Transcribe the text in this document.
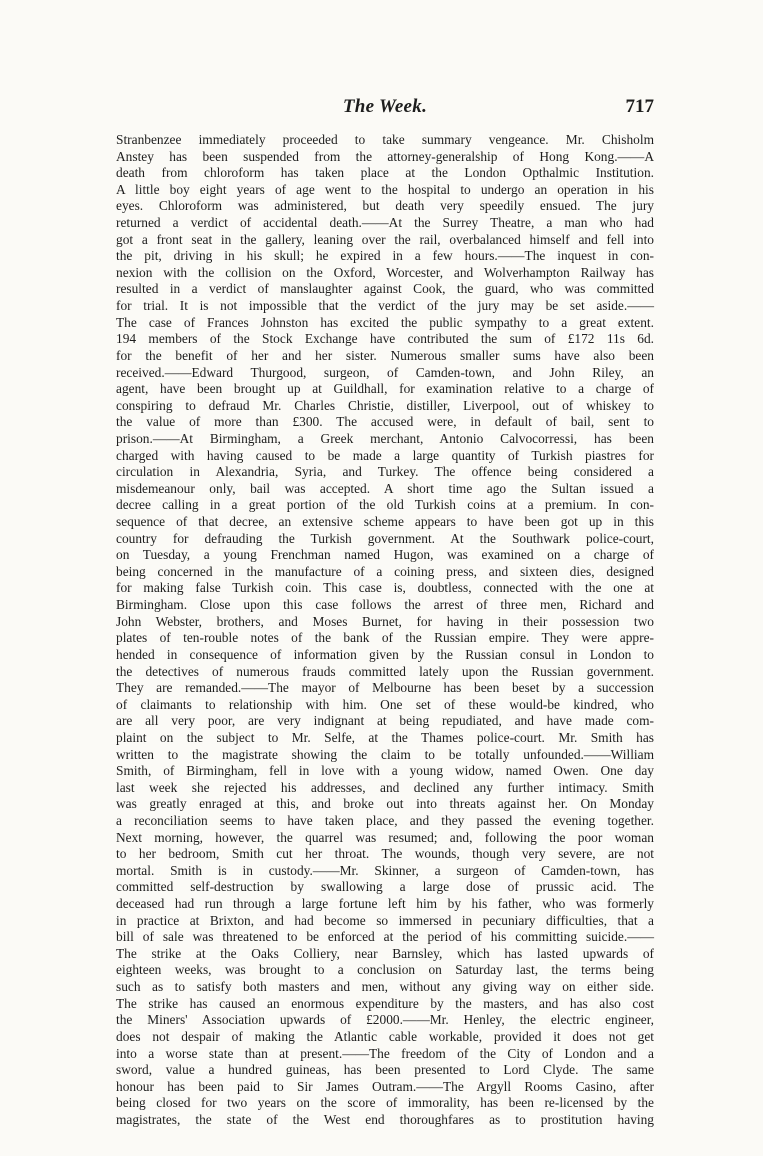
The Week.	717
Stranbenzee immediately proceeded to take summary vengeance. Mr. Chisholm
Anstey has been suspended from the attorney-generalship of Hong Kong.——A
death from chloroform has taken place at the London Opthalmic Institution.
A little boy eight years of age went to the hospital to undergo an operation in his
eyes. Chloroform was administered, but death very speedily ensued. The jury
returned a verdict of accidental death.——At the Surrey Theatre, a man who had
got a front seat in the gallery, leaning over the rail, overbalanced himself and fell into
the pit, driving in his skull; he expired in a few hours.——The inquest in con-
nexion with the collision on the Oxford, Worcester, and Wolverhampton Railway has
resulted in a verdict of manslaughter against Cook, the guard, who was committed
for trial. It is not impossible that the verdict of the jury may be set aside.——
The case of Frances Johnston has excited the public sympathy to a great extent.
194 members of the Stock Exchange have contributed the sum of £172 11s 6d.
for the benefit of her and her sister. Numerous smaller sums have also been
received.——Edward Thurgood, surgeon, of Camden-town, and John Riley, an
agent, have been brought up at Guildhall, for examination relative to a charge of
conspiring to defraud Mr. Charles Christie, distiller, Liverpool, out of whiskey to
the value of more than £300. The accused were, in default of bail, sent to
prison.——At Birmingham, a Greek merchant, Antonio Calvocorressi, has been
charged with having caused to be made a large quantity of Turkish piastres for
circulation in Alexandria, Syria, and Turkey. The offence being considered a
misdemeanour only, bail was accepted. A short time ago the Sultan issued a
decree calling in a great portion of the old Turkish coins at a premium. In con-
sequence of that decree, an extensive scheme appears to have been got up in this
country for defrauding the Turkish government. At the Southwark police-court,
on Tuesday, a young Frenchman named Hugon, was examined on a charge of
being concerned in the manufacture of a coining press, and sixteen dies, designed
for making false Turkish coin. This case is, doubtless, connected with the one at
Birmingham. Close upon this case follows the arrest of three men, Richard and
John Webster, brothers, and Moses Burnet, for having in their possession two
plates of ten-rouble notes of the bank of the Russian empire. They were appre-
hended in consequence of information given by the Russian consul in London to
the detectives of numerous frauds committed lately upon the Russian government.
They are remanded.——The mayor of Melbourne has been beset by a succession
of claimants to relationship with him. One set of these would-be kindred, who
are all very poor, are very indignant at being repudiated, and have made com-
plaint on the subject to Mr. Selfe, at the Thames police-court. Mr. Smith has
written to the magistrate showing the claim to be totally unfounded.——William
Smith, of Birmingham, fell in love with a young widow, named Owen. One day
last week she rejected his addresses, and declined any further intimacy. Smith
was greatly enraged at this, and broke out into threats against her. On Monday
a reconciliation seems to have taken place, and they passed the evening together.
Next morning, however, the quarrel was resumed; and, following the poor woman
to her bedroom, Smith cut her throat. The wounds, though very severe, are not
mortal. Smith is in custody.——Mr. Skinner, a surgeon of Camden-town, has
committed self-destruction by swallowing a large dose of prussic acid. The
deceased had run through a large fortune left him by his father, who was formerly
in practice at Brixton, and had become so immersed in pecuniary difficulties, that a
bill of sale was threatened to be enforced at the period of his committing suicide.——
The strike at the Oaks Colliery, near Barnsley, which has lasted upwards of
eighteen weeks, was brought to a conclusion on Saturday last, the terms being
such as to satisfy both masters and men, without any giving way on either side.
The strike has caused an enormous expenditure by the masters, and has also cost
the Miners' Association upwards of £2000.——Mr. Henley, the electric engineer,
does not despair of making the Atlantic cable workable, provided it does not get
into a worse state than at present.——The freedom of the City of London and a
sword, value a hundred guineas, has been presented to Lord Clyde. The same
honour has been paid to Sir James Outram.——The Argyll Rooms Casino, after
being closed for two years on the score of immorality, has been re-licensed by the
magistrates, the state of the West end thoroughfares as to prostitution having
